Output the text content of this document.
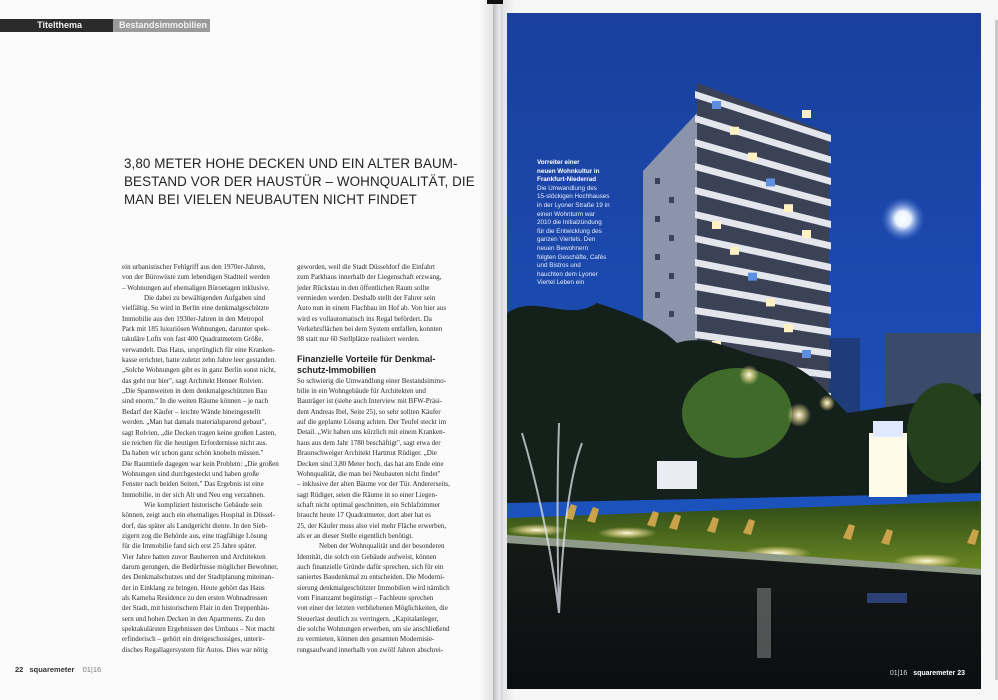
Titelthema	Bestandsimmobilien
3,80 METER HOHE DECKEN UND EIN ALTER BAUM-
BESTAND VOR DER HAUSTÜR – WOHNQUALITÄT, DIE
MAN BEI VIELEN NEUBAUTEN NICHT FINDET

ein urbanistischer Fehlgriff aus den 1970er-Jahren,

von der Bürowüste zum lebendigen Stadtteil werden

– Wohnungen auf ehemaligen Büroetagen inklusive.

Die dabei zu bewältigenden Aufgaben sind

vielfältig. So wird in Berlin eine denkmalgeschützte

Immobilie aus den 1930er-Jahren in den Metropol

Park mit 185 luxuriösen Wohnungen, darunter spek-

takuläre Lofts von fast 400 Quadratmetern Größe,

verwandelt. Das Haus, ursprünglich für eine Kranken-

kasse errichtet, hatte zuletzt zehn Jahre leer gestanden.

„Solche Wohnungen gibt es in ganz Berlin sonst nicht,

das geht nur hier", sagt Architekt Henner Rolvien.

„Die Spannweiten in dem denkmalgeschützten Bau

sind enorm." In die weiten Räume können – je nach

Bedarf der Käufer – leichte Wände hineingestellt

werden. „Man hat damals materialsparend gebaut",

sagt Rolvien, „die Decken tragen keine großen Lasten,

sie reichen für die heutigen Erfordernisse nicht aus.

Da haben wir schon ganz schön knobeln müssen."

Die Raumtiefe dagegen war kein Problem: „Die großen

Wohnungen sind durchgesteckt und haben große

Fenster nach beiden Seiten." Das Ergebnis ist eine

Immobilie, in der sich Alt und Neu eng verzahnen.

Wie kompliziert historische Gebäude sein

können, zeigt auch ein ehemaliges Hospital in Düssel-

dorf, das später als Landgericht diente. In den Sieb-

zigern zog die Behörde aus, eine tragfähige Lösung

für die Immobilie fand sich erst 25 Jahre später.

Vier Jahre hatten zuvor Bauherren und Architekten

darum gerungen, die Bedürfnisse möglicher Bewohner,

des Denkmalschutzes und der Stadtplanung miteinan-

der in Einklang zu bringen. Heute gehört das Haus

als Kameha Residence zu den ersten Wohnadressen

der Stadt, mit historischem Flair in den Treppenhäu-

sern und hohen Decken in den Apartments. Zu den

spektakulärsten Ergebnissen des Umbaus – Not macht

erfinderisch – gehört ein dreigeschossiges, unterir-

disches Regallagersystem für Autos. Dies war nötig

geworden, weil die Stadt Düsseldorf die Einfahrt

zum Parkhaus innerhalb der Liegenschaft erzwang,

jeder Rückstau in den öffentlichen Raum sollte

vermieden werden. Deshalb stellt der Fahrer sein

Auto nun in einem Flachbau im Hof ab. Von hier aus

wird es vollautomatisch ins Regal befördert. Da

Verkehrsflächen bei dem System entfallen, konnten

98 statt nur 60 Stellplätze realisiert werden.

Finanzielle Vorteile für Denkmal-
schutz-Immobilien

So schwierig die Umwandlung einer Bestandsimmo-

bilie in ein Wohngebäude für Architekten und

Bauträger ist (siehe auch Interview mit BFW-Präsi-

dent Andreas Ibel, Seite 25), so sehr sollten Käufer

auf die geplante Lösung achten. Der Teufel steckt im

Detail. „Wir haben uns kürzlich mit einem Kranken-

haus aus dem Jahr 1780 beschäftigt", sagt etwa der

Braunschweiger Architekt Hartmut Rüdiger. „Die

Decken sind 3,80 Meter hoch, das hat am Ende eine

Wohnqualität, die man bei Neubauten nicht findet"

– inklusive der alten Bäume vor der Tür. Andererseits,

sagt Rüdiger, seien die Räume in so einer Liegen-

schaft nicht optimal geschnitten, ein Schlafzimmer

braucht heute 17 Quadratmeter, dort aber hat es

25, der Käufer muss also viel mehr Fläche erwerben,

als er an dieser Stelle eigentlich benötigt.

Neben der Wohnqualität und der besonderen

Identität, die solch ein Gebäude aufweist, können

auch finanzielle Gründe dafür sprechen, sich für ein

saniertes Baudenkmal zu entscheiden. Die Moderni-

sierung denkmalgeschützter Immobilien wird nämlich

vom Finanzamt begünstigt – Fachleute sprechen

von einer der letzten verbliebenen Möglichkeiten, die

Steuerlast deutlich zu verringern. „Kapitalanleger,

die solche Wohnungen erwerben, um sie anschließend

zu vermieten, können den gesamten Modernisie-

rungsaufwand innerhalb von zwölf Jahren abschrei-

22 squaremeter 01|16
Vorreiter einer
neuen Wohnkultur in
Frankfurt-Niederrad
Die Umwandlung des
15-stöckigen Hochhauses
in der Lyoner Straße 19 in
einen Wohnturm war
2010 die Initialzündung
für die Entwicklung des
ganzen Viertels. Den
neuen Bewohnern
folgten Geschäfte, Cafés
und Bistros und
hauchten dem Lyoner
Viertel Leben ein
01|16 squaremeter 23
